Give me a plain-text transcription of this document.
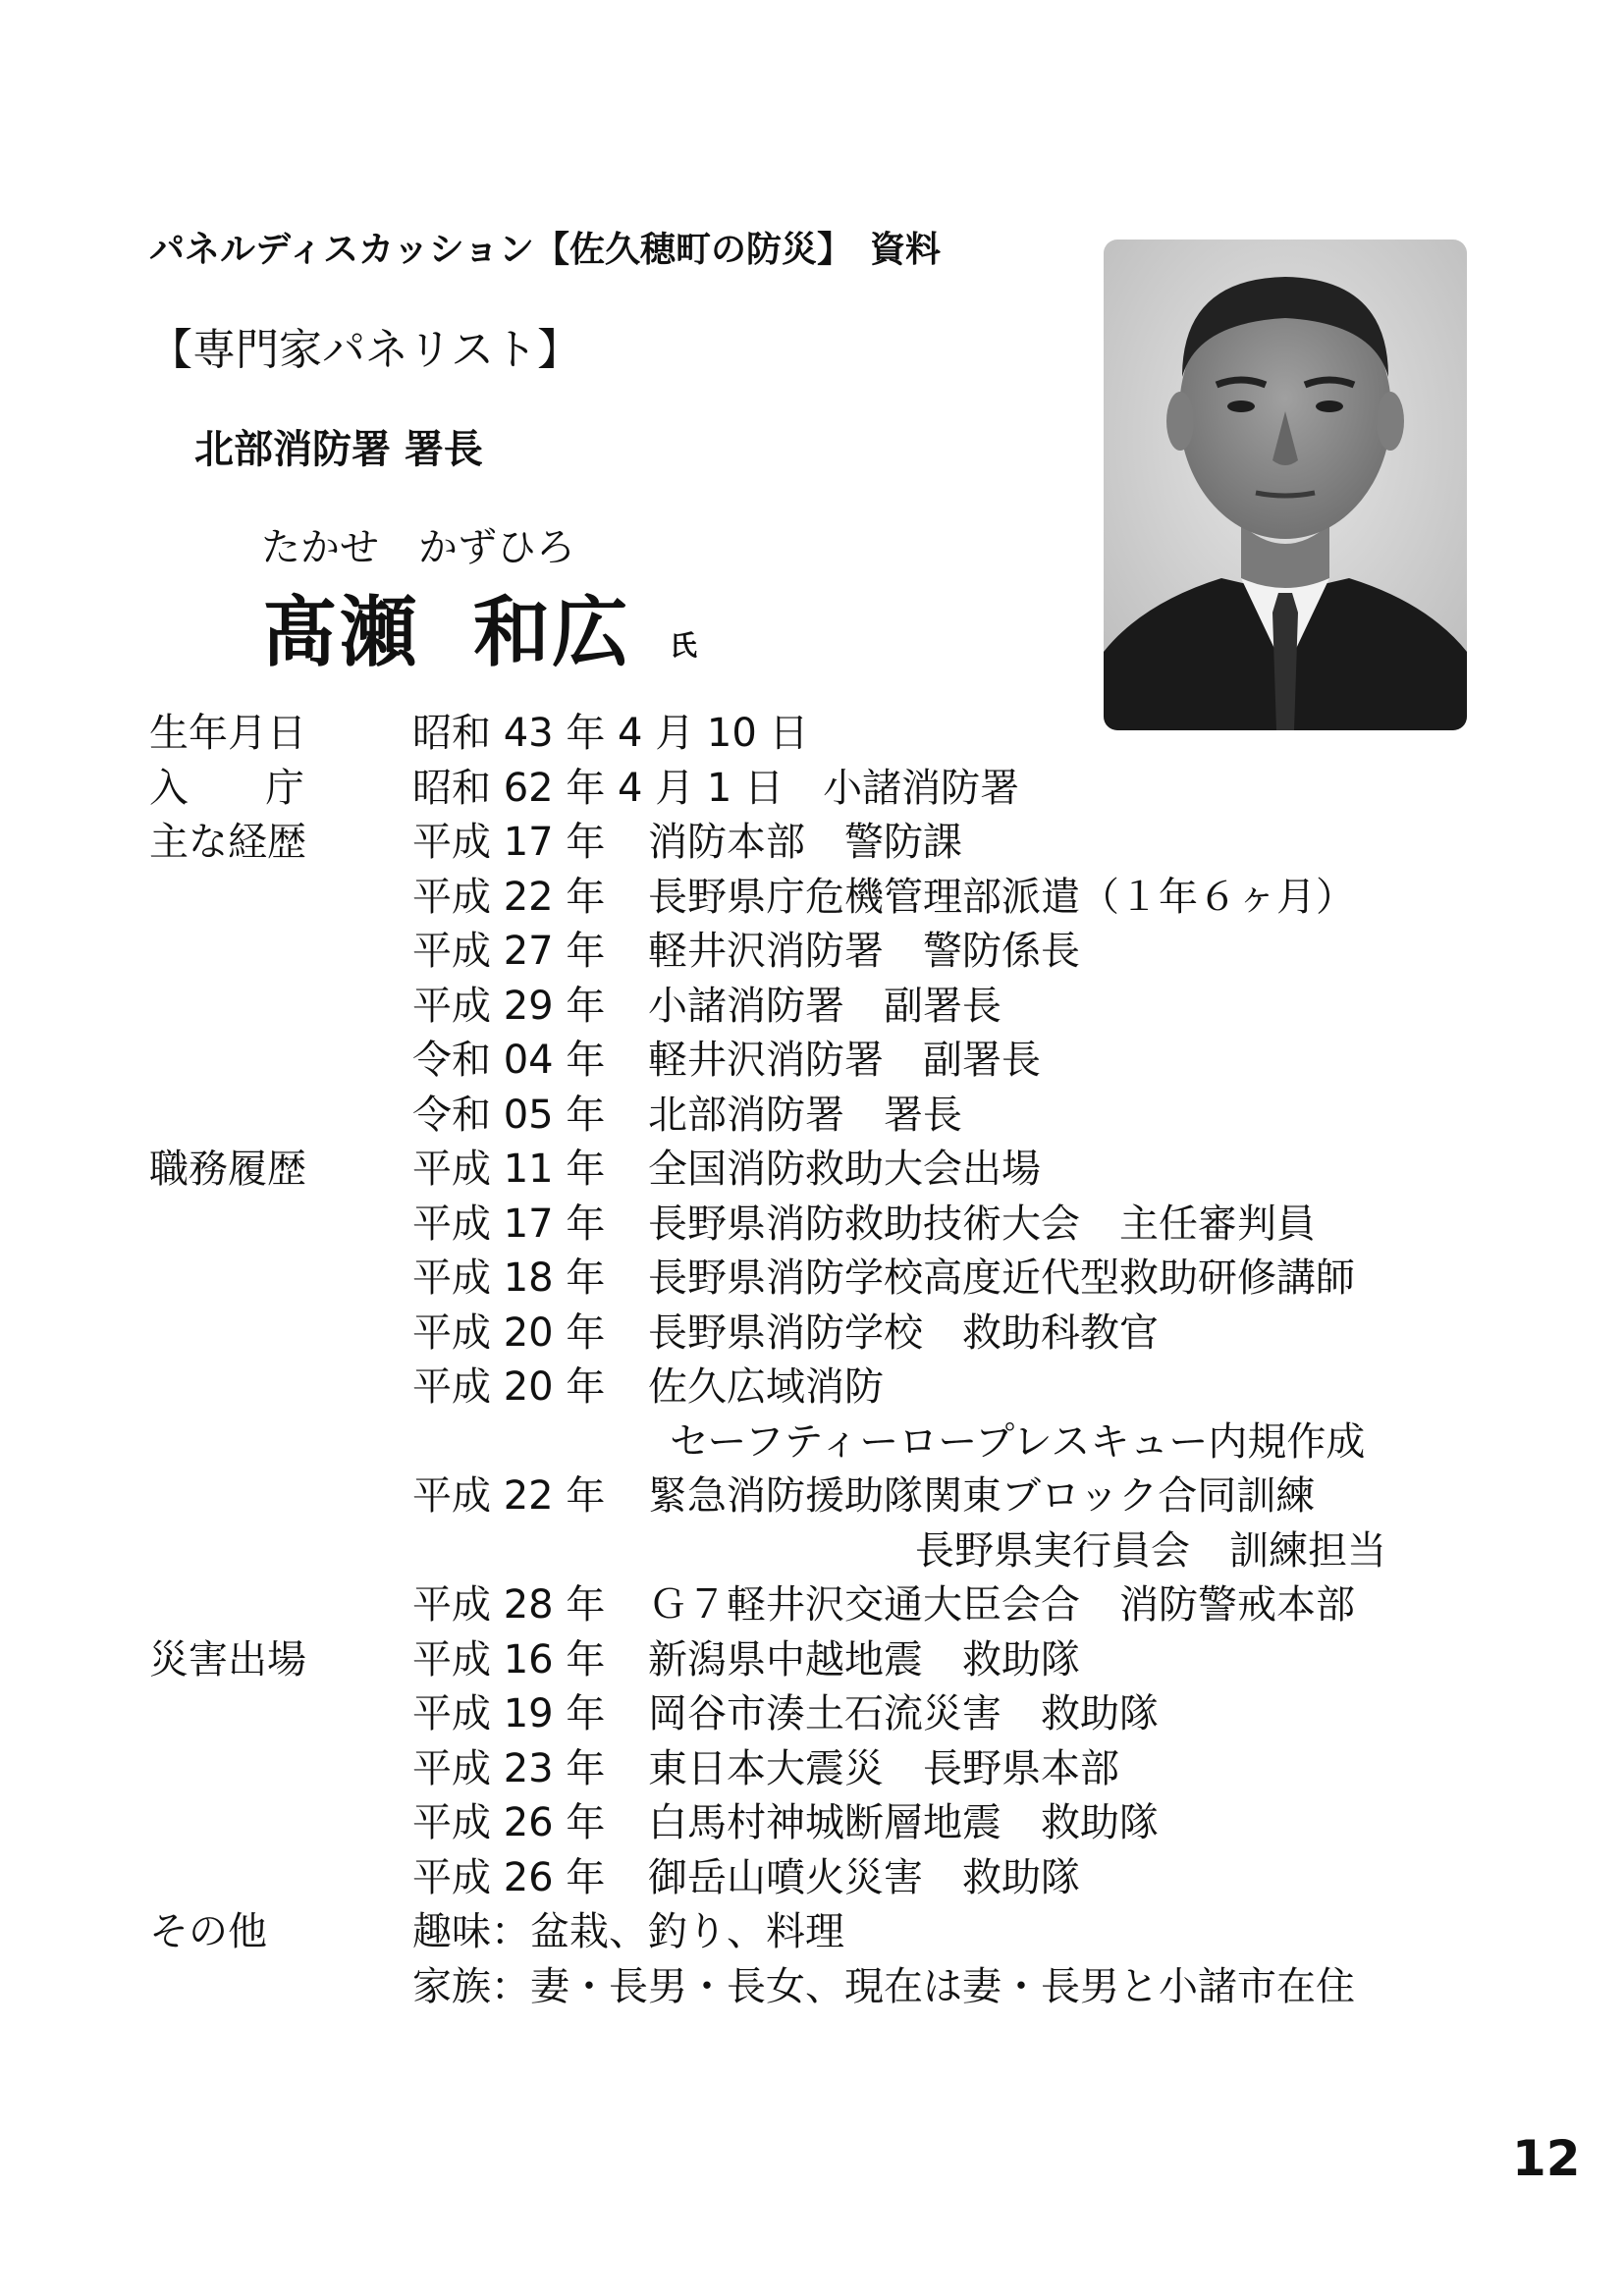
パネルディスカッション【佐久穂町の防災】　資料
【専門家パネリスト】
北部消防署 署長
たかせ　かずひろ
髙瀬 和広 氏
生年月日	昭和 43 年 4 月 10 日
入庁 昭和 62 年 4 月 1 日　小諸消防署
主な経歴	平成 17 年 消防本部　警防課
平成 22 年 長野県庁危機管理部派遣（１年６ヶ月）
平成 27 年 軽井沢消防署　警防係長
平成 29 年 小諸消防署　副署長
令和 04 年 軽井沢消防署　副署長
令和 05 年 北部消防署　署長
職務履歴	平成 11 年 全国消防救助大会出場
平成 17 年 長野県消防救助技術大会　主任審判員
平成 18 年 長野県消防学校高度近代型救助研修講師
平成 20 年 長野県消防学校　救助科教官
平成 20 年 佐久広域消防
セーフティーロープレスキュー内規作成
平成 22 年 緊急消防援助隊関東ブロック合同訓練
長野県実行員会　訓練担当
平成 28 年 Ｇ７軽井沢交通大臣会合　消防警戒本部
災害出場	平成 16 年 新潟県中越地震　救助隊
平成 19 年 岡谷市湊土石流災害　救助隊
平成 23 年 東日本大震災　長野県本部
平成 26 年 白馬村神城断層地震　救助隊
平成 26 年 御岳山噴火災害　救助隊
その他	趣味：盆栽、釣り、料理
家族：妻・長男・長女、現在は妻・長男と小諸市在住
12
